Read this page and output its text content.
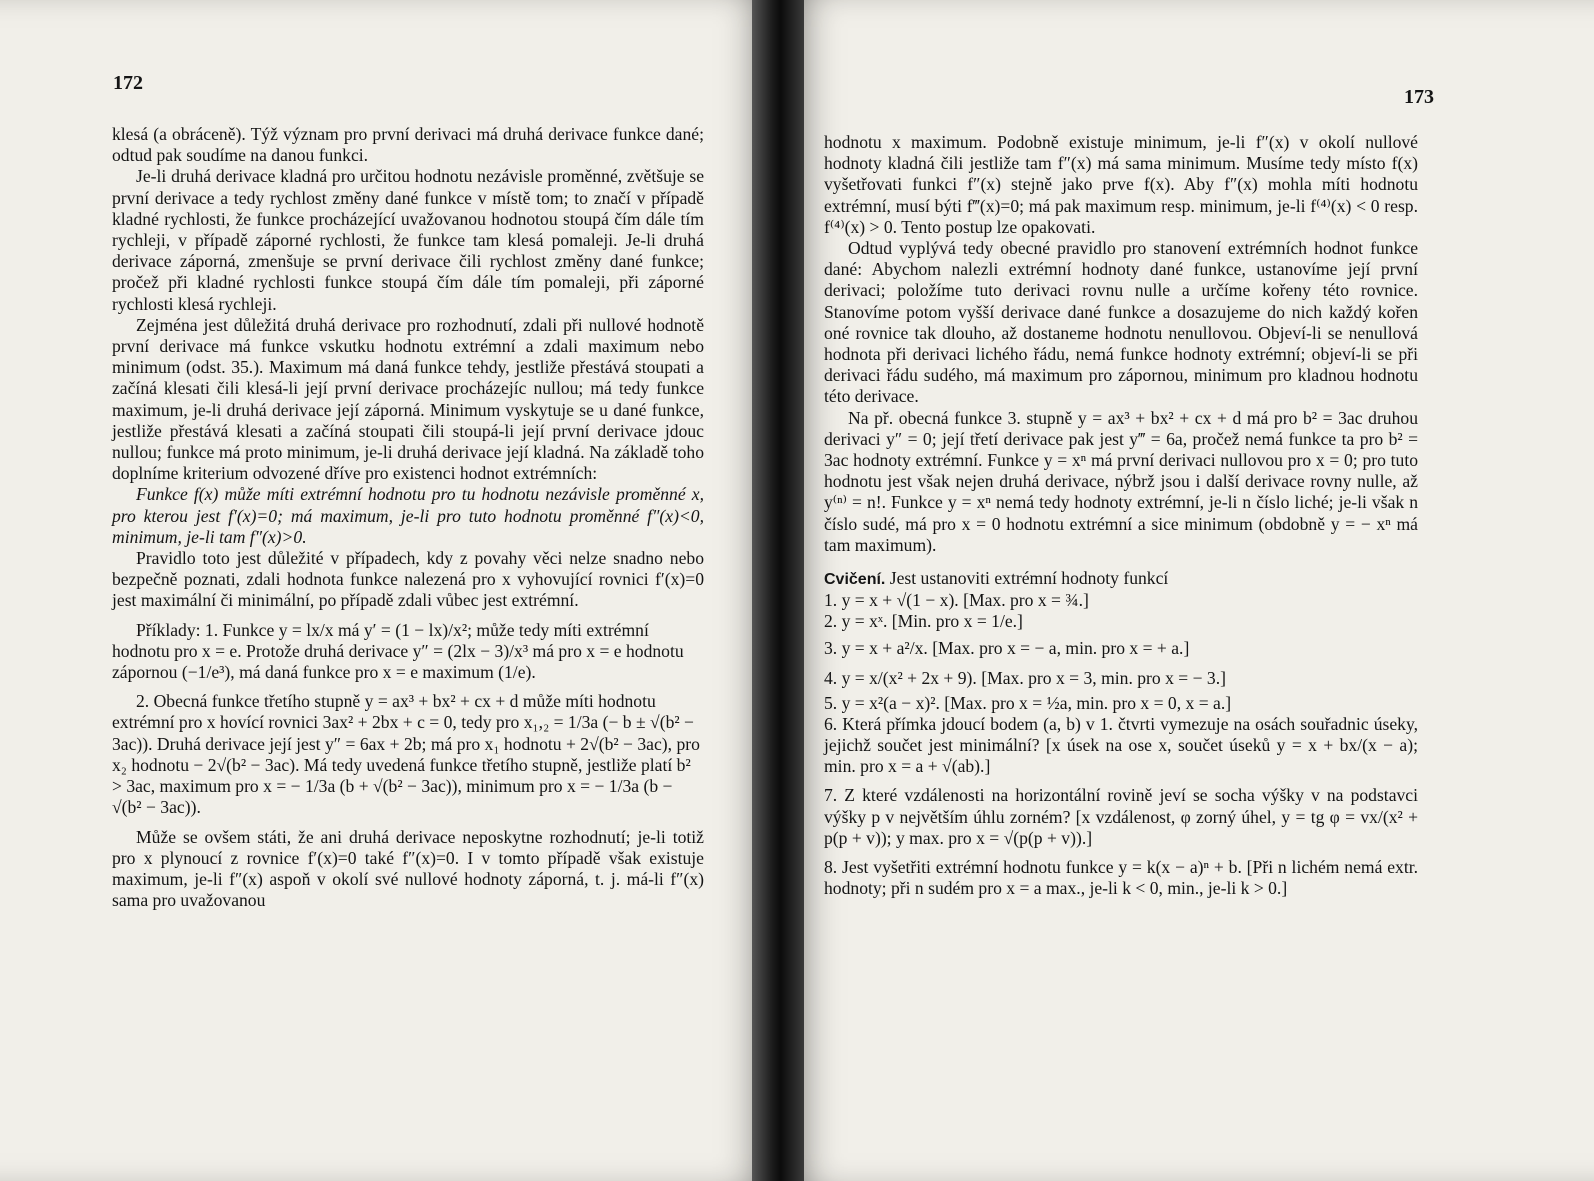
172
173

klesá (a obráceně). Týž význam pro první derivaci má druhá derivace funkce dané; odtud pak soudíme na danou funkci.

Je-li druhá derivace kladná pro určitou hodnotu nezávisle proměnné, zvětšuje se první derivace a tedy rychlost změny dané funkce v místě tom; to značí v případě kladné rychlosti, že funkce procházející uvažovanou hodnotou stoupá čím dále tím rychleji, v případě záporné rychlosti, že funkce tam klesá pomaleji. Je-li druhá derivace záporná, zmenšuje se první derivace čili rychlost změny dané funkce; pročež při kladné rychlosti funkce stoupá čím dále tím pomaleji, při záporné rychlosti klesá rychleji.

Zejména jest důležitá druhá derivace pro rozhodnutí, zdali při nullové hodnotě první derivace má funkce vskutku hodnotu extrémní a zdali maximum nebo minimum (odst. 35.). Maximum má daná funkce tehdy, jestliže přestává stoupati a začíná klesati čili klesá-li její první derivace procházejíc nullou; má tedy funkce maximum, je-li druhá derivace její záporná. Minimum vyskytuje se u dané funkce, jestliže přestává klesati a začíná stoupati čili stoupá-li její první derivace jdouc nullou; funkce má proto minimum, je-li druhá derivace její kladná. Na základě toho doplníme kriterium odvozené dříve pro existenci hodnot extrémních:

Funkce f(x) může míti extrémní hodnotu pro tu hodnotu nezávisle proměnné x, pro kterou jest f′(x)=0; má maximum, je-li pro tuto hodnotu proměnné f″(x)<0, minimum, je-li tam f″(x)>0.

Pravidlo toto jest důležité v případech, kdy z povahy věci nelze snadno nebo bezpečně poznati, zdali hodnota funkce nalezená pro x vyhovující rovnici f′(x)=0 jest maximální či minimální, po případě zdali vůbec jest extrémní.

Příklady: 1. Funkce y = lx/x má y′ = (1 − lx)/x²; může tedy míti extrémní hodnotu pro x = e. Protože druhá derivace y″ = (2lx − 3)/x³ má pro x = e hodnotu zápornou (−1/e³), má daná funkce pro x = e maximum (1/e).

2. Obecná funkce třetího stupně y = ax³ + bx² + cx + d může míti hodnotu extrémní pro x hovící rovnici 3ax² + 2bx + c = 0, tedy pro x₁,₂ = 1/3a (− b ± √(b² − 3ac)). Druhá derivace její jest y″ = 6ax + 2b; má pro x₁ hodnotu + 2√(b² − 3ac), pro x₂ hodnotu − 2√(b² − 3ac). Má tedy uvedená funkce třetího stupně, jestliže platí b² > 3ac, maximum pro x = − 1/3a (b + √(b² − 3ac)), minimum pro x = − 1/3a (b − √(b² − 3ac)).

Může se ovšem státi, že ani druhá derivace neposkytne rozhodnutí; je-li totiž pro x plynoucí z rovnice f′(x)=0 také f″(x)=0. I v tomto případě však existuje maximum, je-li f″(x) aspoň v okolí své nullové hodnoty záporná, t. j. má-li f″(x) sama pro uvažovanou

hodnotu x maximum. Podobně existuje minimum, je-li f″(x) v okolí nullové hodnoty kladná čili jestliže tam f″(x) má sama minimum. Musíme tedy místo f(x) vyšetřovati funkci f″(x) stejně jako prve f(x). Aby f″(x) mohla míti hodnotu extrémní, musí býti f‴(x)=0; má pak maximum resp. minimum, je-li f⁽⁴⁾(x) < 0 resp. f⁽⁴⁾(x) > 0. Tento postup lze opakovati.

Odtud vyplývá tedy obecné pravidlo pro stanovení extrémních hodnot funkce dané: Abychom nalezli extrémní hodnoty dané funkce, ustanovíme její první derivaci; položíme tuto derivaci rovnu nulle a určíme kořeny této rovnice. Stanovíme potom vyšší derivace dané funkce a dosazujeme do nich každý kořen oné rovnice tak dlouho, až dostaneme hodnotu nenullovou. Objeví-li se nenullová hodnota při derivaci lichého řádu, nemá funkce hodnoty extrémní; objeví-li se při derivaci řádu sudého, má maximum pro zápornou, minimum pro kladnou hodnotu této derivace.

Na př. obecná funkce 3. stupně y = ax³ + bx² + cx + d má pro b² = 3ac druhou derivaci y″ = 0; její třetí derivace pak jest y‴ = 6a, pročež nemá funkce ta pro b² = 3ac hodnoty extrémní. Funkce y = xⁿ má první derivaci nullovou pro x = 0; pro tuto hodnotu jest však nejen druhá derivace, nýbrž jsou i další derivace rovny nulle, až y⁽ⁿ⁾ = n!. Funkce y = xⁿ nemá tedy hodnoty extrémní, je-li n číslo liché; je-li však n číslo sudé, má pro x = 0 hodnotu extrémní a sice minimum (obdobně y = − xⁿ má tam maximum).

Cvičení. Jest ustanoviti extrémní hodnoty funkcí

1. y = x + √(1 − x). [Max. pro x = ¾.]

2. y = xˣ. [Min. pro x = 1/e.]

3. y = x + a²/x. [Max. pro x = − a, min. pro x = + a.]

4. y = x/(x² + 2x + 9). [Max. pro x = 3, min. pro x = − 3.]

5. y = x²(a − x)². [Max. pro x = ½a, min. pro x = 0, x = a.]

6. Která přímka jdoucí bodem (a, b) v 1. čtvrti vymezuje na osách souřadnic úseky, jejichž součet jest minimální? [x úsek na ose x, součet úseků y = x + bx/(x − a); min. pro x = a + √(ab).]

7. Z které vzdálenosti na horizontální rovině jeví se socha výšky v na podstavci výšky p v největším úhlu zorném? [x vzdálenost, φ zorný úhel, y = tg φ = vx/(x² + p(p + v)); y max. pro x = √(p(p + v)).]

8. Jest vyšetřiti extrémní hodnotu funkce y = k(x − a)ⁿ + b. [Při n lichém nemá extr. hodnoty; při n sudém pro x = a max., je-li k < 0, min., je-li k > 0.]
